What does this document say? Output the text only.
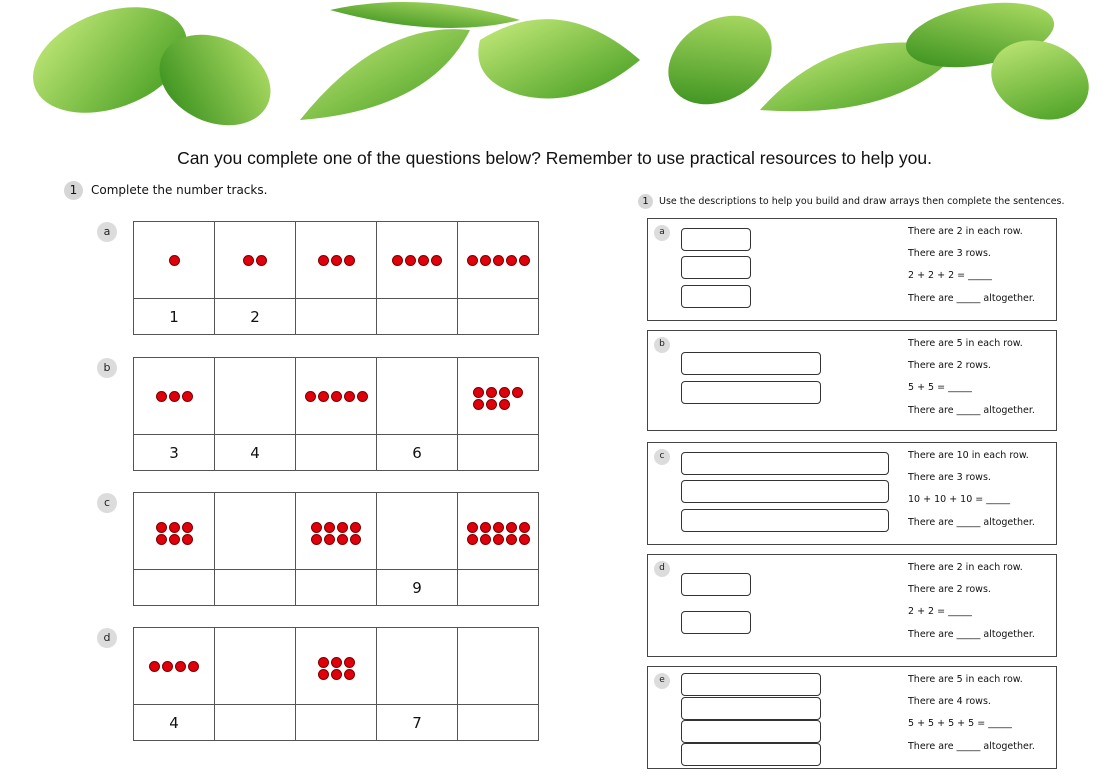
Can you complete one of the questions below? Remember to use practical resources to help you.
1 Complete the number tracks.
a

1	2			
b

3	4		6	
c

			9	
d

4			7	
1 Use the descriptions to help you build and draw arrays then complete the sentences.
a	There are 2 in each row.
There are 3 rows.
2 + 2 + 2 = _____
There are _____ altogether.
b	There are 5 in each row.
There are 2 rows.
5 + 5 = _____
There are _____ altogether.
c	There are 10 in each row.
There are 3 rows.
10 + 10 + 10 = _____
There are _____ altogether.
d	There are 2 in each row.
There are 2 rows.
2 + 2 = _____
There are _____ altogether.
e	There are 5 in each row.
There are 4 rows.
5 + 5 + 5 + 5 = _____
There are _____ altogether.
